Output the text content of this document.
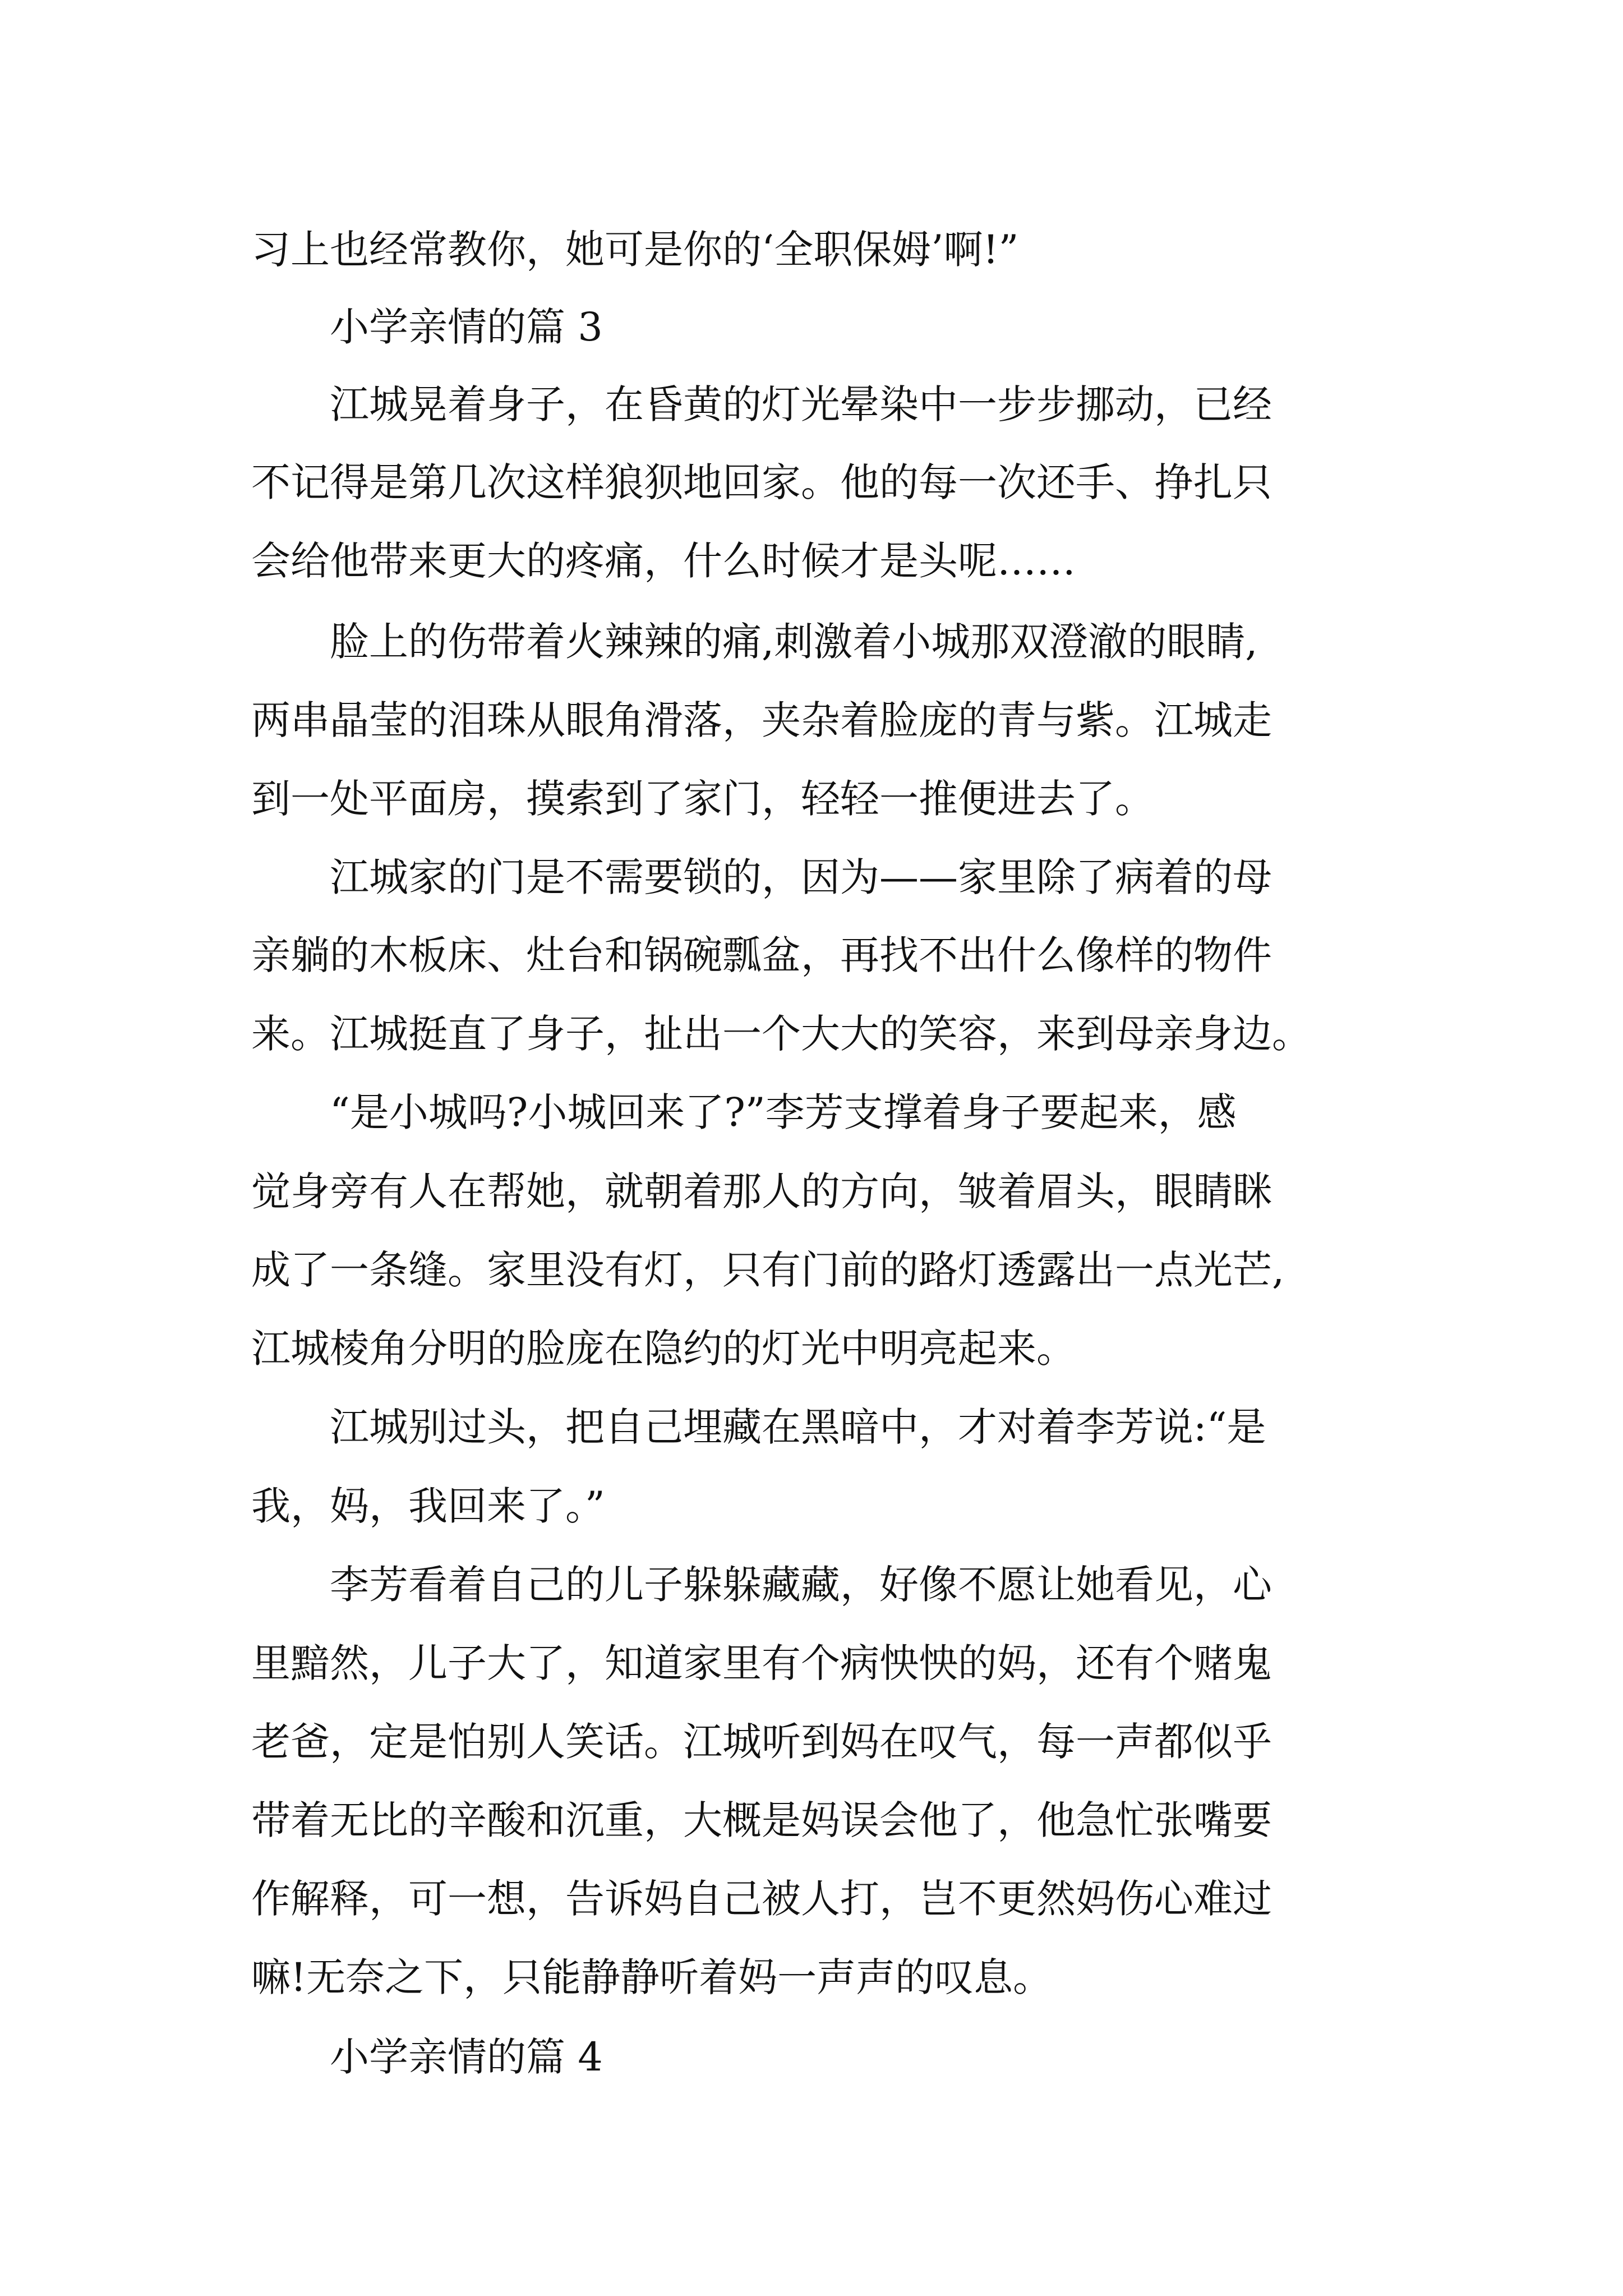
习上也经常教你，她可是你的‘全职保姆’啊!”
小学亲情的篇 3
江城晃着身子，在昏黄的灯光晕染中一步步挪动，已经
不记得是第几次这样狼狈地回家。他的每一次还手、挣扎只
会给他带来更大的疼痛，什么时候才是头呢……
脸上的伤带着火辣辣的痛,刺激着小城那双澄澈的眼睛,
两串晶莹的泪珠从眼角滑落，夹杂着脸庞的青与紫。江城走
到一处平面房，摸索到了家门，轻轻一推便进去了。
江城家的门是不需要锁的，因为——家里除了病着的母
亲躺的木板床、灶台和锅碗瓢盆，再找不出什么像样的物件
来。江城挺直了身子，扯出一个大大的笑容，来到母亲身边。
“是小城吗?小城回来了?”李芳支撑着身子要起来，感
觉身旁有人在帮她，就朝着那人的方向，皱着眉头，眼睛眯
成了一条缝。家里没有灯，只有门前的路灯透露出一点光芒,
江城棱角分明的脸庞在隐约的灯光中明亮起来。
江城别过头，把自己埋藏在黑暗中，才对着李芳说:“是
我，妈，我回来了。”
李芳看着自己的儿子躲躲藏藏，好像不愿让她看见，心
里黯然，儿子大了，知道家里有个病怏怏的妈，还有个赌鬼
老爸，定是怕别人笑话。江城听到妈在叹气，每一声都似乎
带着无比的辛酸和沉重，大概是妈误会他了，他急忙张嘴要
作解释，可一想，告诉妈自己被人打，岂不更然妈伤心难过
嘛!无奈之下，只能静静听着妈一声声的叹息。
小学亲情的篇 4
